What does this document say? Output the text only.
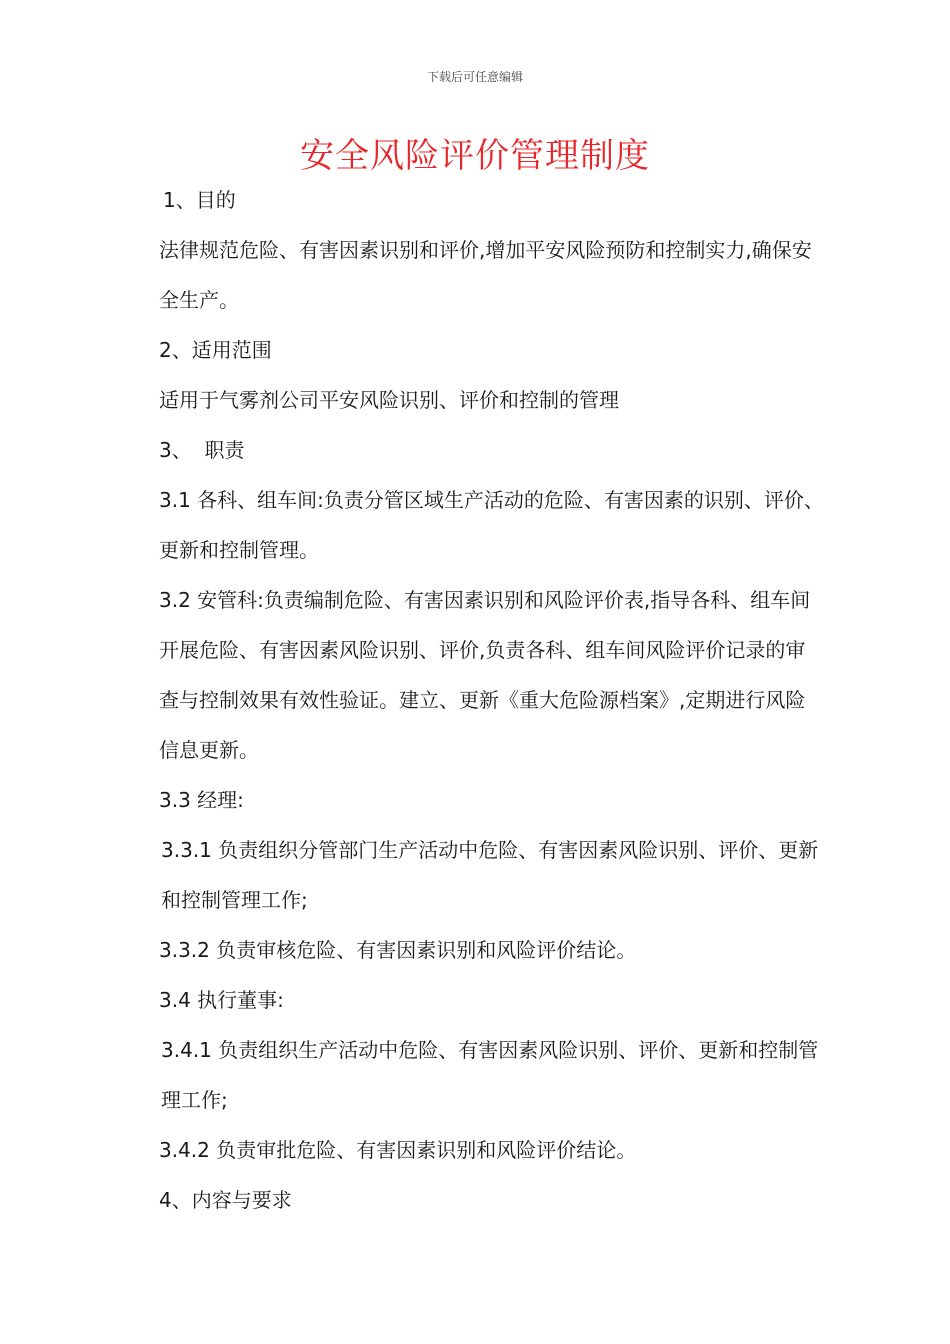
下载后可任意编辑
安全风险评价管理制度

1、目的

法律规范危险、有害因素识别和评价,增加平安风险预防和控制实力,确保安全生产。

2、适用范围

适用于气雾剂公司平安风险识别、评价和控制的管理

3、  职责

3.1 各科、组车间:负责分管区域生产活动的危险、有害因素的识别、评价、更新和控制管理。

3.2 安管科:负责编制危险、有害因素识别和风险评价表,指导各科、组车间开展危险、有害因素风险识别、评价,负责各科、组车间风险评价记录的审查与控制效果有效性验证。建立、更新《重大危险源档案》,定期进行风险信息更新。

3.3 经理:

3.3.1 负责组织分管部门生产活动中危险、有害因素风险识别、评价、更新和控制管理工作;

3.3.2 负责审核危险、有害因素识别和风险评价结论。

3.4 执行董事:

3.4.1 负责组织生产活动中危险、有害因素风险识别、评价、更新和控制管理工作;

3.4.2 负责审批危险、有害因素识别和风险评价结论。

4、内容与要求
